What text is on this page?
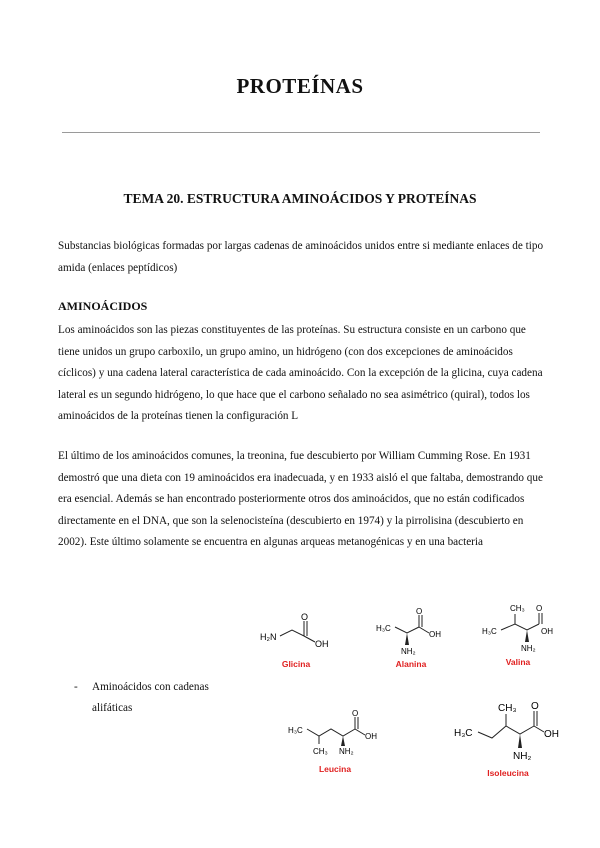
PROTEÍNAS
TEMA 20. ESTRUCTURA AMINOÁCIDOS Y PROTEÍNAS

Substancias biológicas formadas por largas cadenas de aminoácidos unidos entre si mediante enlaces de tipo amida (enlaces peptídicos)

AMINOÁCIDOS

Los aminoácidos son las piezas constituyentes de las proteínas. Su estructura consiste en un carbono que tiene unidos un grupo carboxilo, un grupo amino, un hidrógeno (con dos excepciones de aminoácidos cíclicos) y una cadena lateral característica de cada aminoácido. Con la excepción de la glicina, cuya cadena lateral es un segundo hidrógeno, lo que hace que el carbono señalado no sea asimétrico (quiral), todos los aminoácidos de la proteínas tienen la configuración L

El último de los aminoácidos comunes, la treonina, fue descubierto por William Cumming Rose. En 1931 demostró que una dieta con 19 aminoácidos era inadecuada, y en 1933 aisló el que faltaba, demostrando que era esencial. Además se han encontrado posteriormente otros dos aminoácidos, que no están codificados directamente en el DNA, que son la selenocisteína (descubierto en 1974) y la pirrolisina (descubierto en 2002). Este último solamente se encuentra en algunas arqueas metanogénicas y en una bacteria

H₂N
O
OH
Glicina
H₃C
O
OH
NH₂
Alanina
CH₃
H₃C
O
OH
NH₂
Valina
- Aminoácidos con cadenas alifáticas
H₃C
CH₃
O
OH
NH₂
Leucina
CH₃
H₃C
O
OH
NH₂
Isoleucina
